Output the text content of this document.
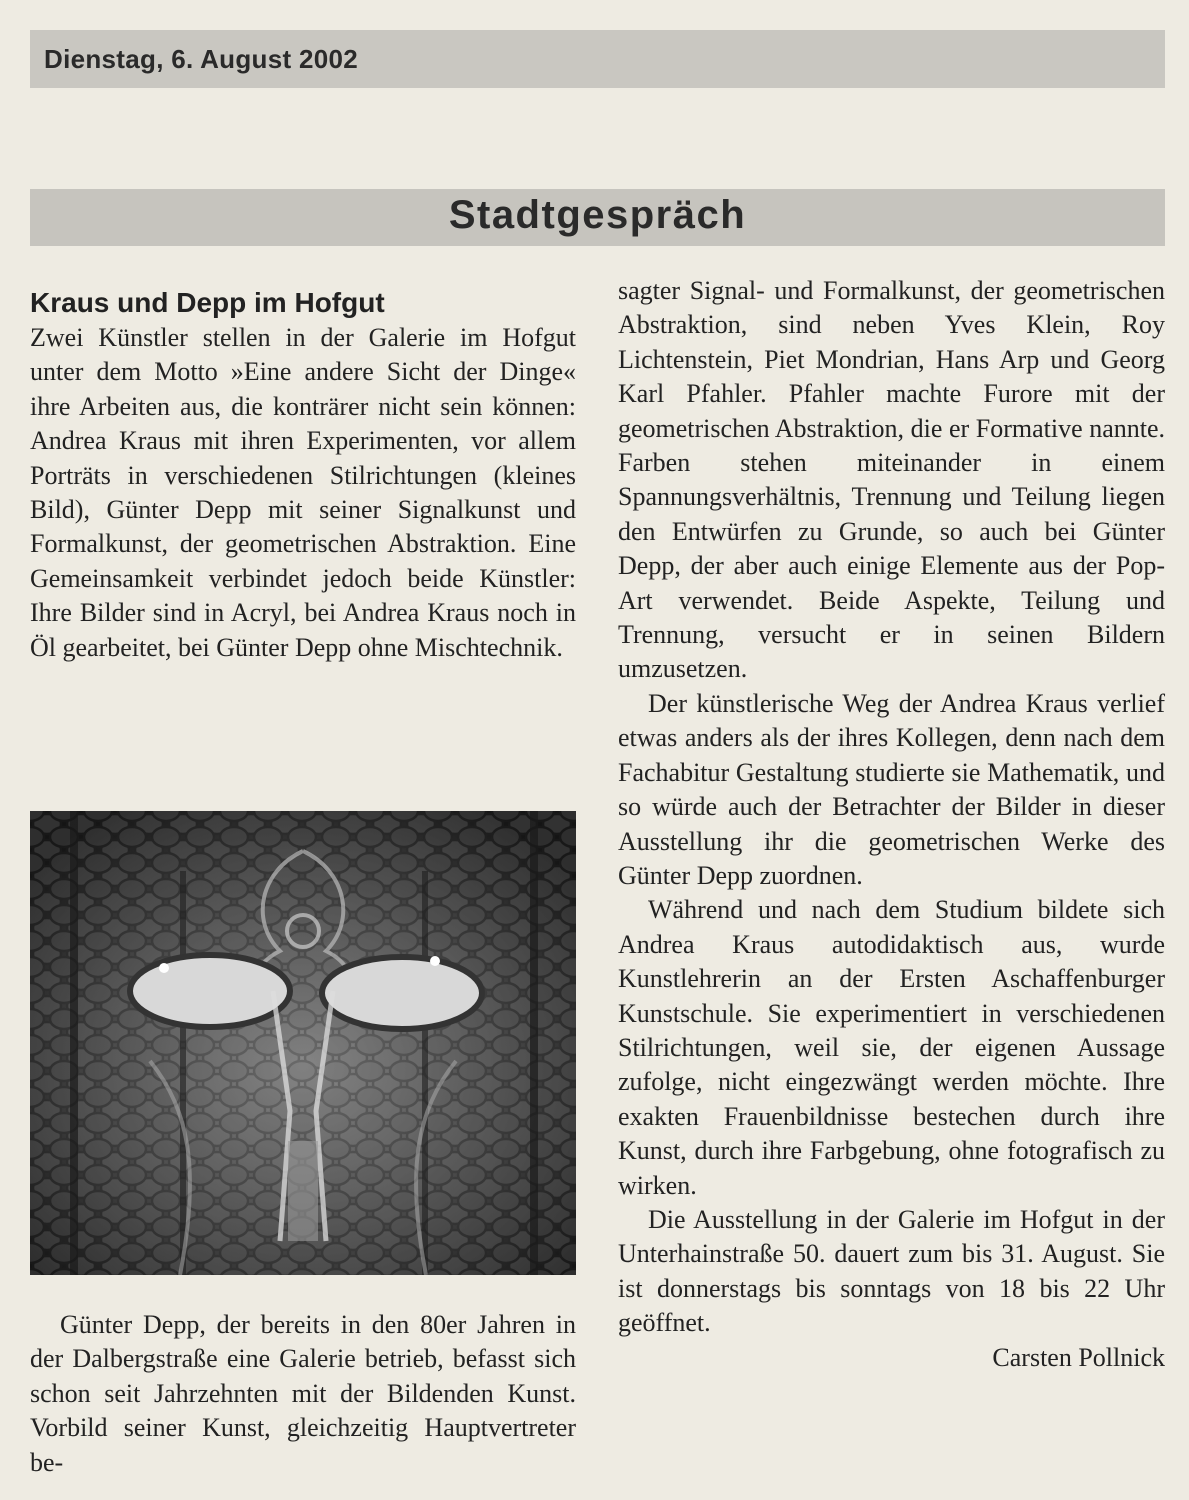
Dienstag, 6. August 2002
Stadtgespräch
Kraus und Depp im Hofgut

Zwei Künstler stellen in der Galerie im Hofgut unter dem Motto »Eine andere Sicht der Dinge« ihre Arbeiten aus, die konträrer nicht sein können: Andrea Kraus mit ihren Experimenten, vor allem Porträts in verschiedenen Stilrichtungen (kleines Bild), Günter Depp mit seiner Signalkunst und Formalkunst, der geometrischen Abstraktion. Eine Gemeinsamkeit verbindet jedoch beide Künstler: Ihre Bilder sind in Acryl, bei Andrea Kraus noch in Öl gearbeitet, bei Günter Depp ohne Mischtechnik.

Günter Depp, der bereits in den 80er Jahren in der Dalbergstraße eine Galerie betrieb, befasst sich schon seit Jahrzehnten mit der Bildenden Kunst. Vorbild seiner Kunst, gleichzeitig Hauptvertreter be-

sagter Signal- und Formalkunst, der geometrischen Abstraktion, sind neben Yves Klein, Roy Lichtenstein, Piet Mondrian, Hans Arp und Georg Karl Pfahler. Pfahler machte Furore mit der geometrischen Abstraktion, die er Formative nannte. Farben stehen miteinander in einem Spannungsverhältnis, Trennung und Teilung liegen den Entwürfen zu Grunde, so auch bei Günter Depp, der aber auch einige Elemente aus der Pop-Art verwendet. Beide Aspekte, Teilung und Trennung, versucht er in seinen Bildern umzusetzen.

Der künstlerische Weg der Andrea Kraus verlief etwas anders als der ihres Kollegen, denn nach dem Fachabitur Gestaltung studierte sie Mathematik, und so würde auch der Betrachter der Bilder in dieser Ausstellung ihr die geometrischen Werke des Günter Depp zuordnen.

Während und nach dem Studium bildete sich Andrea Kraus autodidaktisch aus, wurde Kunstlehrerin an der Ersten Aschaffenburger Kunstschule. Sie experimentiert in verschiedenen Stilrichtungen, weil sie, der eigenen Aussage zufolge, nicht eingezwängt werden möchte. Ihre exakten Frauenbildnisse bestechen durch ihre Kunst, durch ihre Farbgebung, ohne fotografisch zu wirken.

Die Ausstellung in der Galerie im Hofgut in der Unterhainstraße 50. dauert zum bis 31. August. Sie ist donnerstags bis sonntags von 18 bis 22 Uhr geöffnet.

Carsten Pollnick
